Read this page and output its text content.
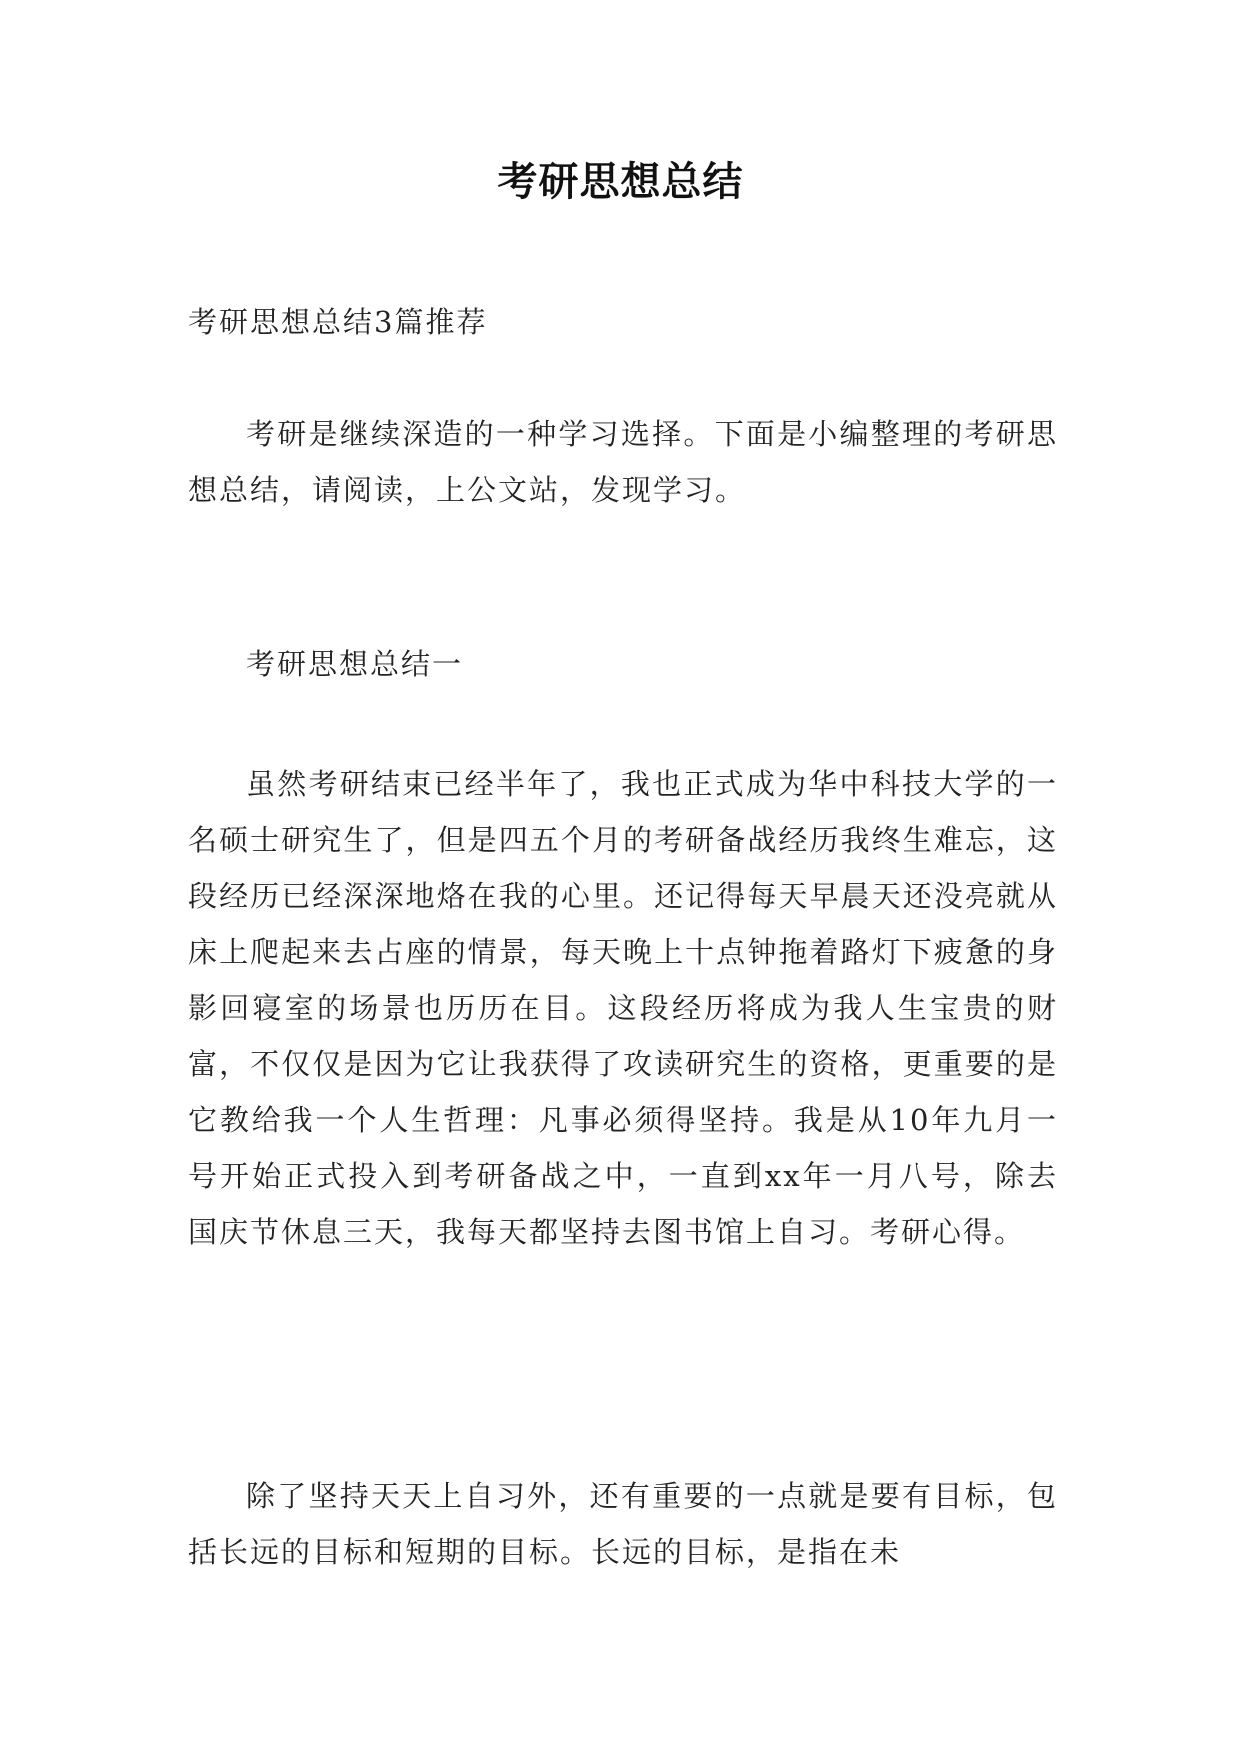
考研思想总结
考研思想总结3篇推荐
考研是继续深造的一种学习选择。下面是小编整理的考研思想总结，请阅读，上公文站，发现学习。
考研思想总结一
虽然考研结束已经半年了，我也正式成为华中科技大学的一名硕士研究生了，但是四五个月的考研备战经历我终生难忘，这段经历已经深深地烙在我的心里。还记得每天早晨天还没亮就从床上爬起来去占座的情景，每天晚上十点钟拖着路灯下疲惫的身影回寝室的场景也历历在目。这段经历将成为我人生宝贵的财富，不仅仅是因为它让我获得了攻读研究生的资格，更重要的是它教给我一个人生哲理：凡事必须得坚持。我是从10年九月一号开始正式投入到考研备战之中，一直到xx年一月八号，除去国庆节休息三天，我每天都坚持去图书馆上自习。考研心得。
除了坚持天天上自习外，还有重要的一点就是要有目标，包括长远的目标和短期的目标。长远的目标，是指在未
